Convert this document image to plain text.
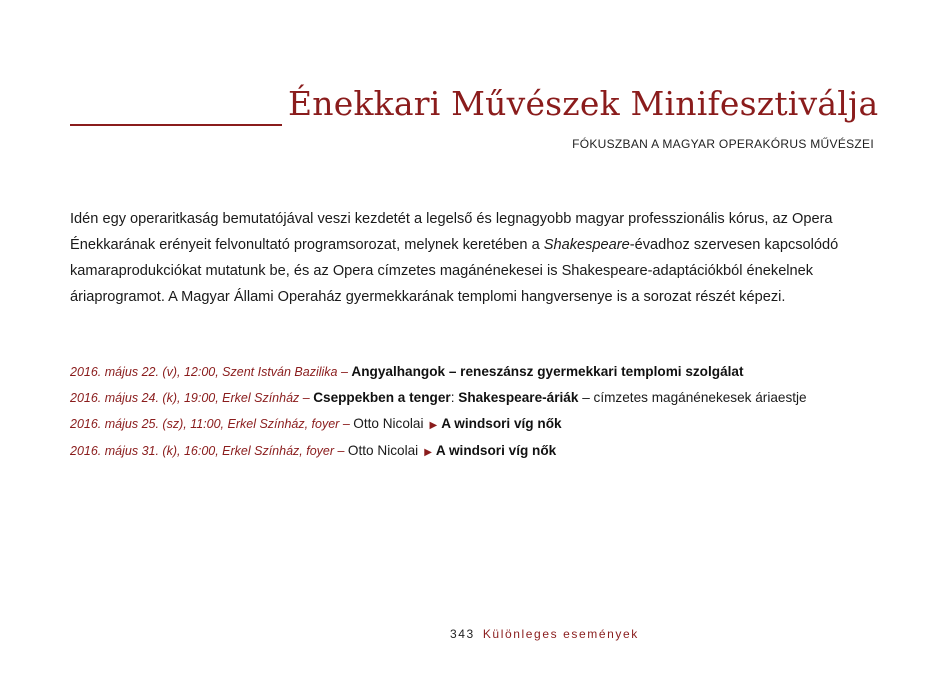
Énekkari Művészek Minifesztiválja
FÓKUSZBAN A MAGYAR OPERAKÓRUS MŰVÉSZEI

Idén egy operaritkaság bemutatójával veszi kezdetét a legelső és legnagyobb magyar professzionális kórus, az Opera Énekkarának erényeit felvonultató programsorozat, melynek keretében a Shakespeare-évadhoz szervesen kapcsolódó kamaraprodukciókat mutatunk be, és az Opera címzetes magánénekesei is Shakespeare-adaptációkból énekelnek áriaprogramot. A Magyar Állami Operaház gyermekkarának templomi hangversenye is a sorozat részét képezi.

2016. május 22. (v), 12:00, Szent István Bazilika – Angyalhangok – reneszánsz gyermekkari templomi szolgálat
2016. május 24. (k), 19:00, Erkel Színház – Cseppekben a tenger: Shakespeare-áriák – címzetes magánénekesek áriaestje
2016. május 25. (sz), 11:00, Erkel Színház, foyer – Otto Nicolai ▶ A windsori víg nők
2016. május 31. (k), 16:00, Erkel Színház, foyer – Otto Nicolai ▶ A windsori víg nők
343 Különleges események
